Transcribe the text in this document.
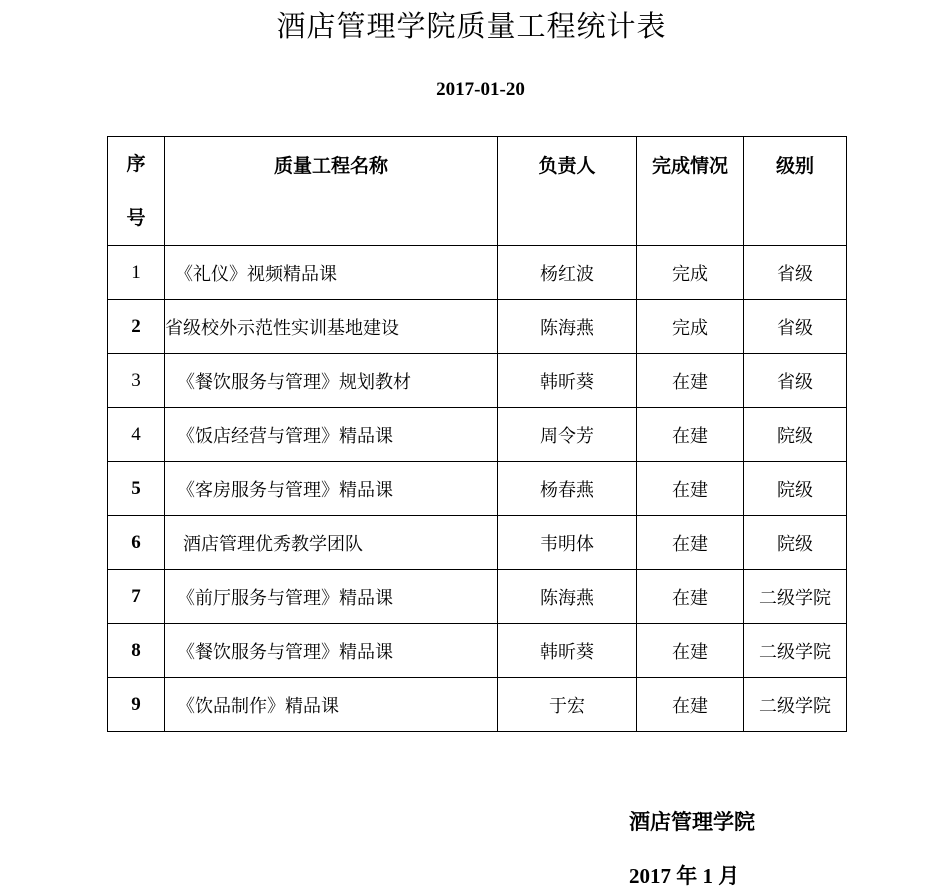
酒店管理学院质量工程统计表
2017-01-20
序
号	质量工程名称	负责人	完成情况	级别

1	《礼仪》视频精品课	杨红波	完成	省级
2	省级校外示范性实训基地建设	陈海燕	完成	省级
3	《餐饮服务与管理》规划教材	韩昕葵	在建	省级
4	《饭店经营与管理》精品课	周令芳	在建	院级
5	《客房服务与管理》精品课	杨春燕	在建	院级
6	酒店管理优秀教学团队	韦明体	在建	院级
7	《前厅服务与管理》精品课	陈海燕	在建	二级学院
8	《餐饮服务与管理》精品课	韩昕葵	在建	二级学院
9	《饮品制作》精品课	于宏	在建	二级学院
酒店管理学院
2017 年 1 月
